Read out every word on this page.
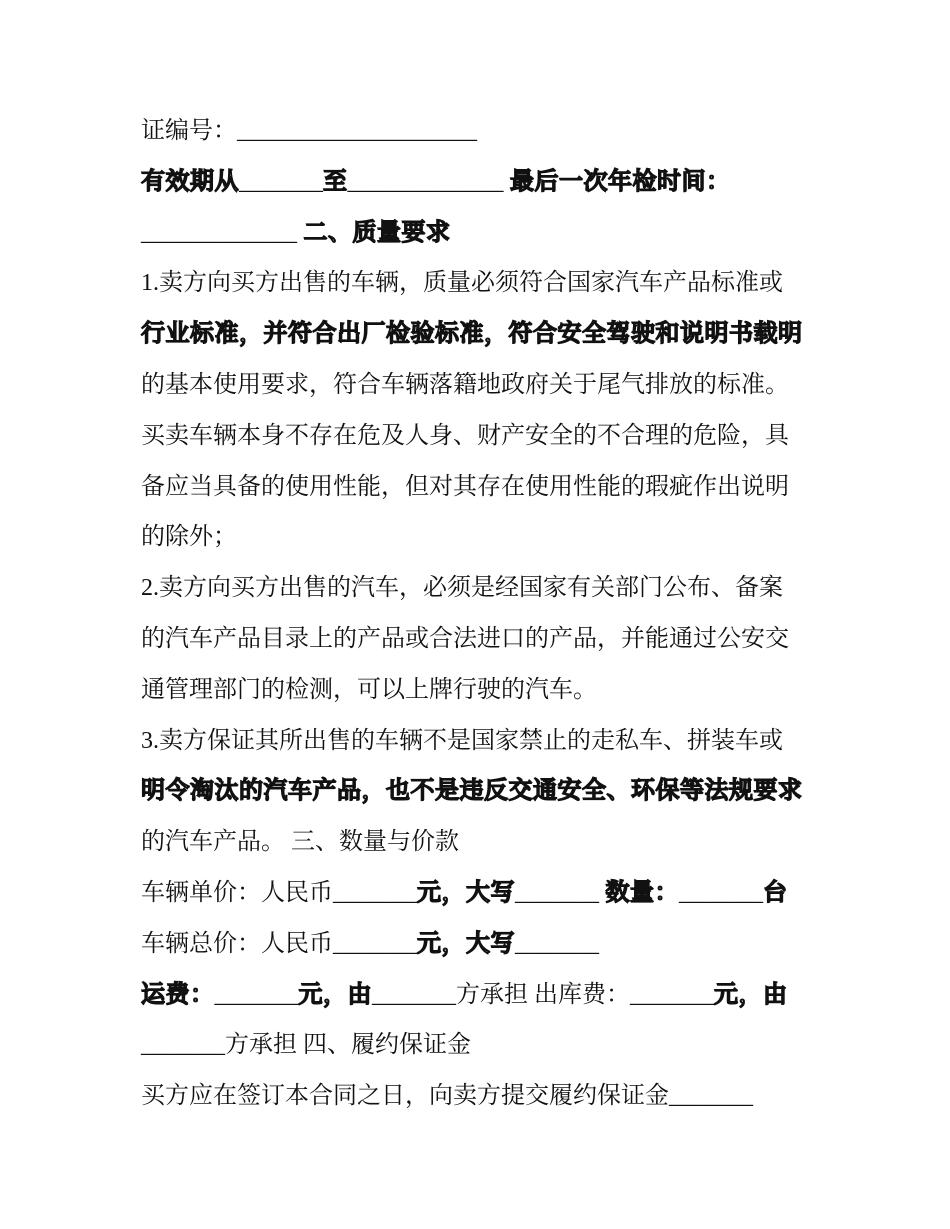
证编号：____________________
有效期从_______至_____________ 最后一次年检时间：
_____________ 二、质量要求
1.卖方向买方出售的车辆，质量必须符合国家汽车产品标准或
行业标准，并符合出厂检验标准，符合安全驾驶和说明书载明
的基本使用要求，符合车辆落籍地政府关于尾气排放的标准。
买卖车辆本身不存在危及人身、财产安全的不合理的危险，具
备应当具备的使用性能，但对其存在使用性能的瑕疵作出说明
的除外；
2.卖方向买方出售的汽车，必须是经国家有关部门公布、备案
的汽车产品目录上的产品或合法进口的产品，并能通过公安交
通管理部门的检测，可以上牌行驶的汽车。
3.卖方保证其所出售的车辆不是国家禁止的走私车、拼装车或
明令淘汰的汽车产品，也不是违反交通安全、环保等法规要求
的汽车产品。 三、数量与价款
车辆单价：人民币_______元，大写_______ 数量：_______台
车辆总价：人民币_______元，大写_______
运费：_______元，由_______方承担 出库费：_______元，由
_______方承担 四、履约保证金
买方应在签订本合同之日，向卖方提交履约保证金_______
